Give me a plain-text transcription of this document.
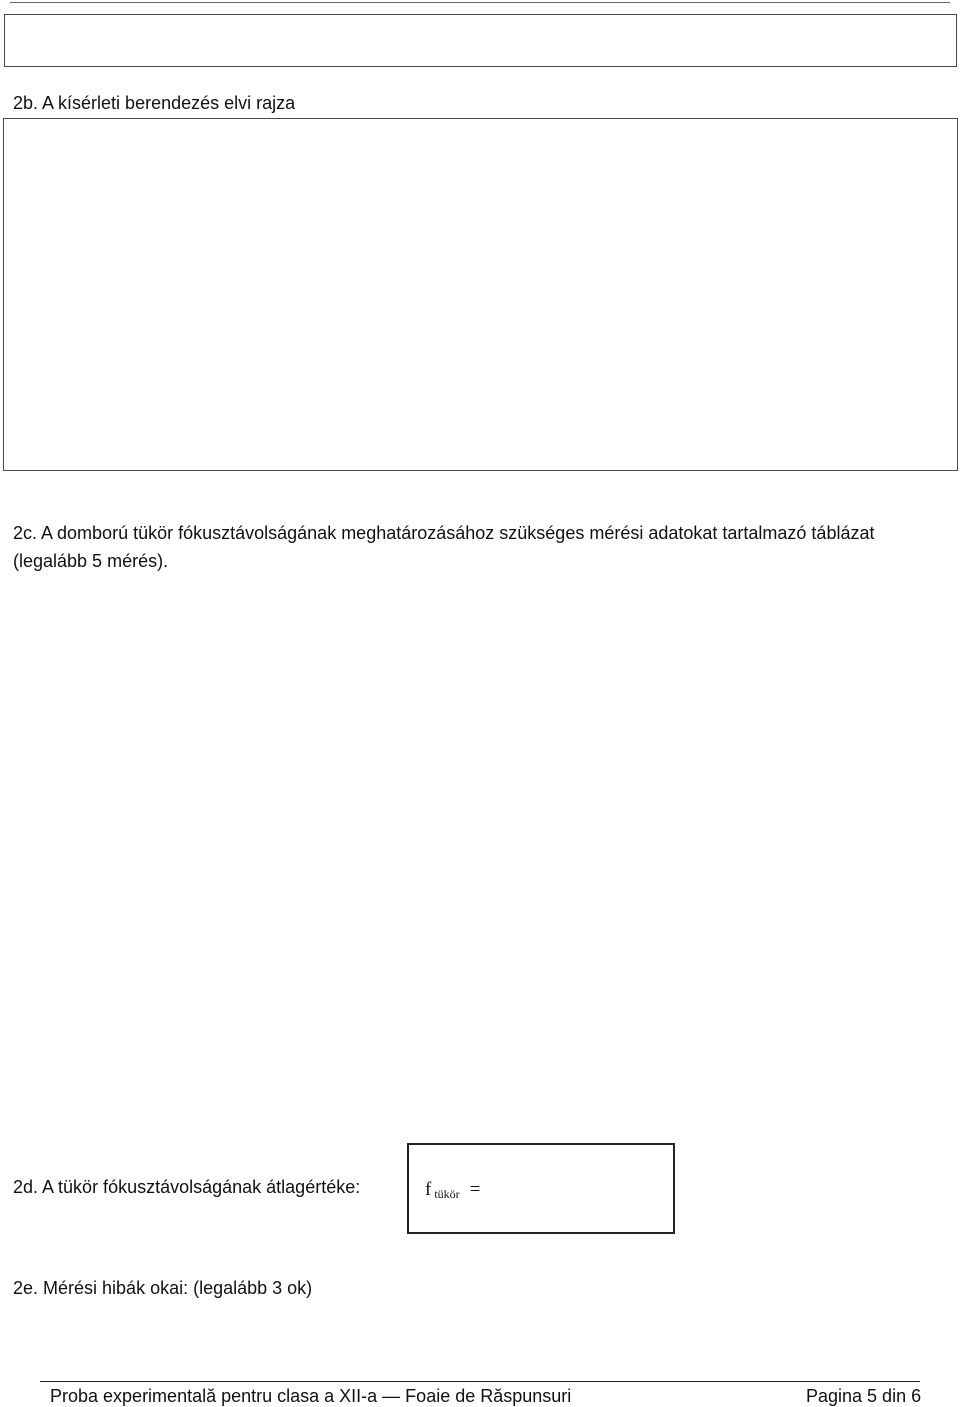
2b. A kísérleti berendezés elvi rajza
2c. A domború tükör fókusztávolságának meghatározásához szükséges mérési adatokat tartalmazó táblázat
(legalább 5 mérés).
2d. A tükör fókusztávolságának átlagértéke:	ftükör =
2e. Mérési hibák okai: (legalább 3 ok)
Proba experimentală pentru clasa a XII-a — Foaie de Răspunsuri	Pagina 5 din 6
